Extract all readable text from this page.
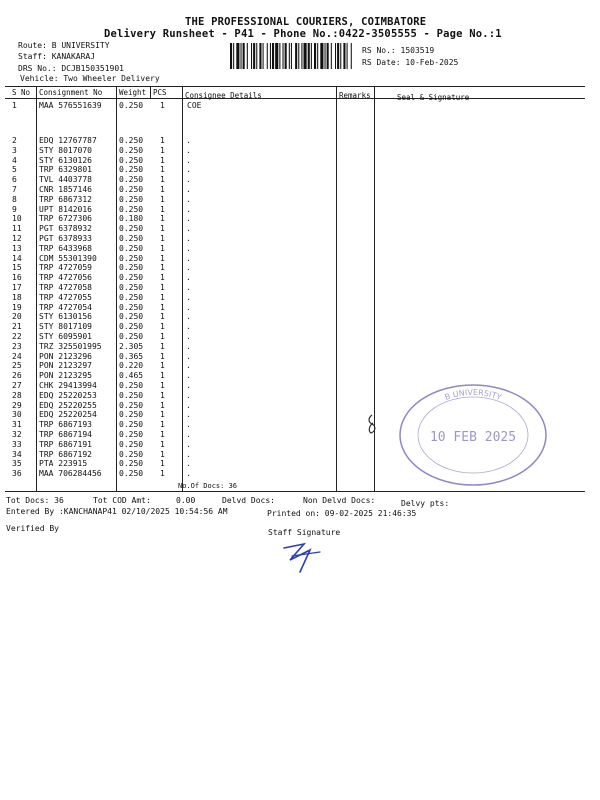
THE PROFESSIONAL COURIERS, COIMBATORE
Delivery Runsheet - P41 - Phone No.:0422-3505555 - Page No.:1
Route: B UNIVERSITY
Staff: KANAKARAJ
DRS No.: DCJB150351901
Vehicle: Two Wheeler Delivery
RS No.: 1503519
RS Date: 10-Feb-2025
S No Consignment No Weight PCS Consignee Details	Remarks	Seal & Signature
1	MAA 576551639 0.250 1	COE
2	EDQ 12767787	0.250 1	.
3	STY 8017070	0.250 1	.
4	STY 6130126	0.250 1	.
5	TRP 6329801	0.250 1	.
6	TVL 4403778	0.250 1	.
7	CNR 1857146	0.250 1	.
8	TRP 6867312	0.250 1	.
9	UPT 8142016	0.250 1	.
10 TRP 6727306	0.180 1	.
11 PGT 6378932	0.250 1	.
12 PGT 6378933	0.250 1	.
13 TRP 6433968	0.250 1	.
14 CDM 55301390	0.250 1	.
15 TRP 4727059	0.250 1	.
16 TRP 4727056	0.250 1	.
17 TRP 4727058	0.250 1	.
18 TRP 4727055	0.250 1	.
19 TRP 4727054	0.250 1	.
20 STY 6130156	0.250 1	.
21 STY 8017109	0.250 1	.
22 STY 6095901	0.250 1	.
23 TRZ 325501995 2.305 1	.
24 PON 2123296	0.365 1	.
25 PON 2123297	0.220 1	.
26 PON 2123295	0.465 1	.
27 CHK 29413994	0.250 1	.
28 EDQ 25220253	0.250 1	.
29 EDQ 25220255	0.250 1	.
30 EDQ 25220254	0.250 1	.
31 TRP 6867193	0.250 1	.
32 TRP 6867194	0.250 1	.
33 TRP 6867191	0.250 1	.
34 TRP 6867192	0.250 1	.
35 PTA 223915	0.250 1	.
36 MAA 706284456 0.250 1	.
No.Of Docs: 36
B UNIVERSITY
10 FEB 2025
Tot Docs: 36	Tot COD Amt:	0.00	Delvd Docs:	Non Delvd Docs:	Delvy pts:
Entered By :KANCHANAP41 02/10/2025 10:54:56 AM	Printed on: 09-02-2025 21:46:35
Verified By	Staff Signature
